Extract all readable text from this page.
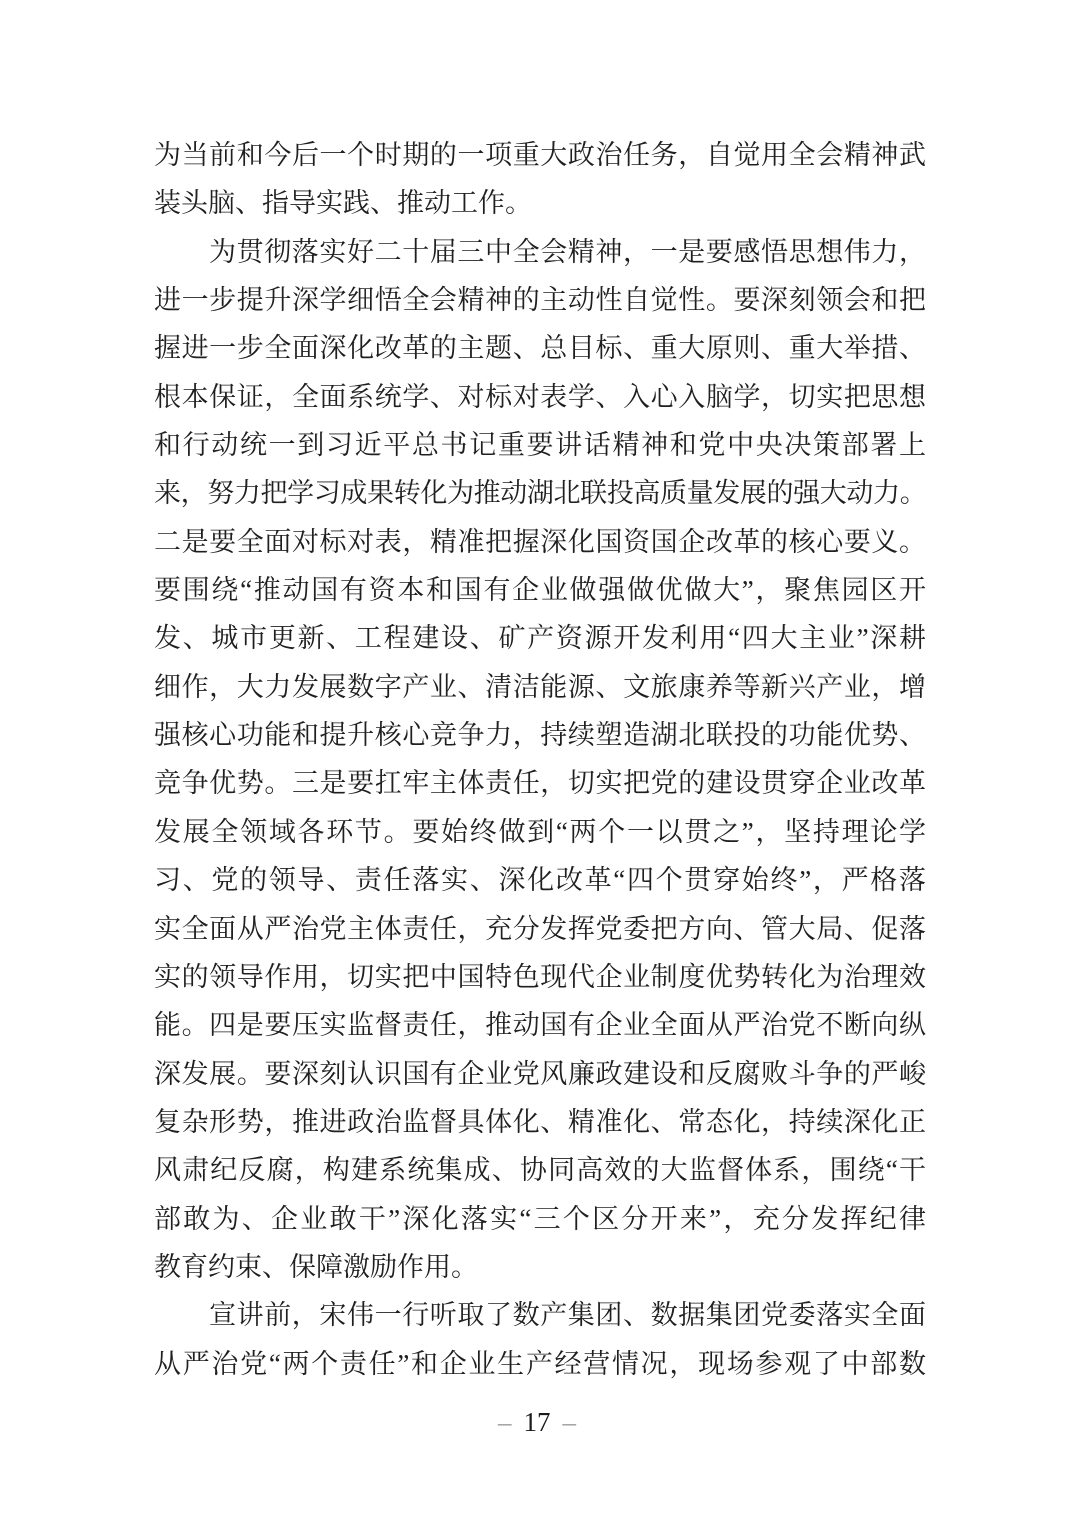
为当前和今后一个时期的一项重大政治任务，自觉用全会精神武
装头脑、指导实践、推动工作。
为贯彻落实好二十届三中全会精神，一是要感悟思想伟力，
进一步提升深学细悟全会精神的主动性自觉性。要深刻领会和把
握进一步全面深化改革的主题、总目标、重大原则、重大举措、
根本保证，全面系统学、对标对表学、入心入脑学，切实把思想
和行动统一到习近平总书记重要讲话精神和党中央决策部署上
来，努力把学习成果转化为推动湖北联投高质量发展的强大动力。
二是要全面对标对表，精准把握深化国资国企改革的核心要义。
要围绕“推动国有资本和国有企业做强做优做大”，聚焦园区开
发、城市更新、工程建设、矿产资源开发利用“四大主业”深耕
细作，大力发展数字产业、清洁能源、文旅康养等新兴产业，增
强核心功能和提升核心竞争力，持续塑造湖北联投的功能优势、
竞争优势。三是要扛牢主体责任，切实把党的建设贯穿企业改革
发展全领域各环节。要始终做到“两个一以贯之”，坚持理论学
习、党的领导、责任落实、深化改革“四个贯穿始终”，严格落
实全面从严治党主体责任，充分发挥党委把方向、管大局、促落
实的领导作用，切实把中国特色现代企业制度优势转化为治理效
能。四是要压实监督责任，推动国有企业全面从严治党不断向纵
深发展。要深刻认识国有企业党风廉政建设和反腐败斗争的严峻
复杂形势，推进政治监督具体化、精准化、常态化，持续深化正
风肃纪反腐，构建系统集成、协同高效的大监督体系，围绕“干
部敢为、企业敢干”深化落实“三个区分开来”，充分发挥纪律
教育约束、保障激励作用。
宣讲前，宋伟一行听取了数产集团、数据集团党委落实全面
从严治党“两个责任”和企业生产经营情况，现场参观了中部数
– 17 –
